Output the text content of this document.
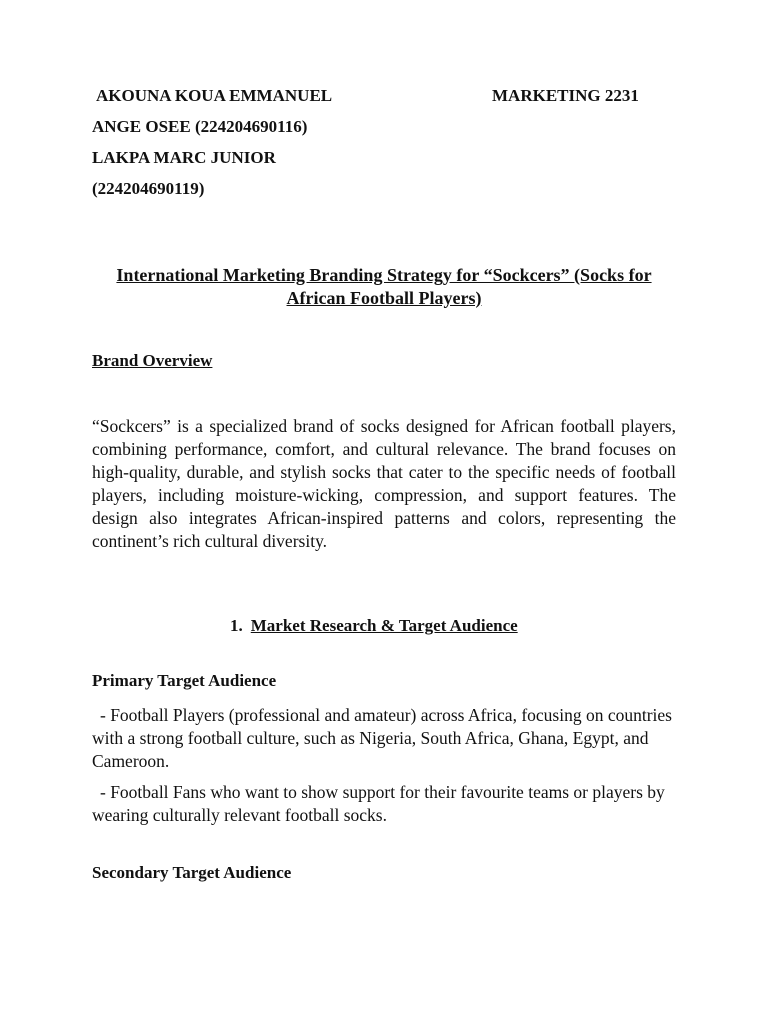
AKOUNA KOUA EMMANUEL	MARKETING 2231
ANGE OSEE (224204690116)
LAKPA MARC JUNIOR
(224204690119)
International Marketing Branding Strategy for “Sockcers” (Socks for African Football Players)
Brand Overview
“Sockcers” is a specialized brand of socks designed for African football players, combining performance, comfort, and cultural relevance. The brand focuses on high-quality, durable, and stylish socks that cater to the specific needs of football players, including moisture-wicking, compression, and support features. The design also integrates African-inspired patterns and colors, representing the continent’s rich cultural diversity.
1. Market Research & Target Audience
Primary Target Audience
- Football Players (professional and amateur) across Africa, focusing on countries with a strong football culture, such as Nigeria, South Africa, Ghana, Egypt, and Cameroon.
- Football Fans who want to show support for their favourite teams or players by wearing culturally relevant football socks.
Secondary Target Audience
